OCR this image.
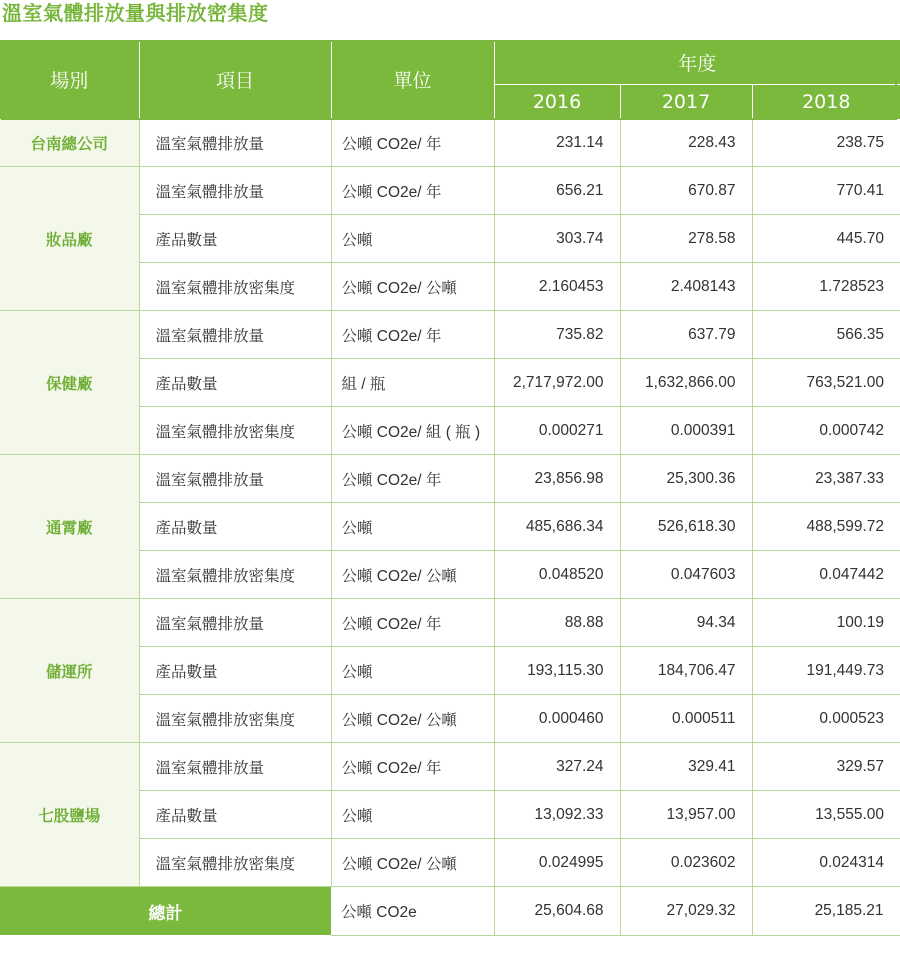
溫室氣體排放量與排放密集度
場別	項目	單位	年度		
			2016	2017	2018
台南總公司	溫室氣體排放量	公噸 CO2e/ 年	231.14	228.43	238.75
妝品廠	溫室氣體排放量	公噸 CO2e/ 年	656.21	670.87	770.41
	產品數量	公噸	303.74	278.58	445.70
	溫室氣體排放密集度	公噸 CO2e/ 公噸	2.160453	2.408143	1.728523
保健廠	溫室氣體排放量	公噸 CO2e/ 年	735.82	637.79	566.35
	產品數量	組 / 瓶	2,717,972.00	1,632,866.00	763,521.00
	溫室氣體排放密集度	公噸 CO2e/ 組 ( 瓶 )	0.000271	0.000391	0.000742
通霄廠	溫室氣體排放量	公噸 CO2e/ 年	23,856.98	25,300.36	23,387.33
	產品數量	公噸	485,686.34	526,618.30	488,599.72
	溫室氣體排放密集度	公噸 CO2e/ 公噸	0.048520	0.047603	0.047442
儲運所	溫室氣體排放量	公噸 CO2e/ 年	88.88	94.34	100.19
	產品數量	公噸	193,115.30	184,706.47	191,449.73
	溫室氣體排放密集度	公噸 CO2e/ 公噸	0.000460	0.000511	0.000523
七股鹽場	溫室氣體排放量	公噸 CO2e/ 年	327.24	329.41	329.57
	產品數量	公噸	13,092.33	13,957.00	13,555.00
	溫室氣體排放密集度	公噸 CO2e/ 公噸	0.024995	0.023602	0.024314
總計		公噸 CO2e	25,604.68	27,029.32	25,185.21
